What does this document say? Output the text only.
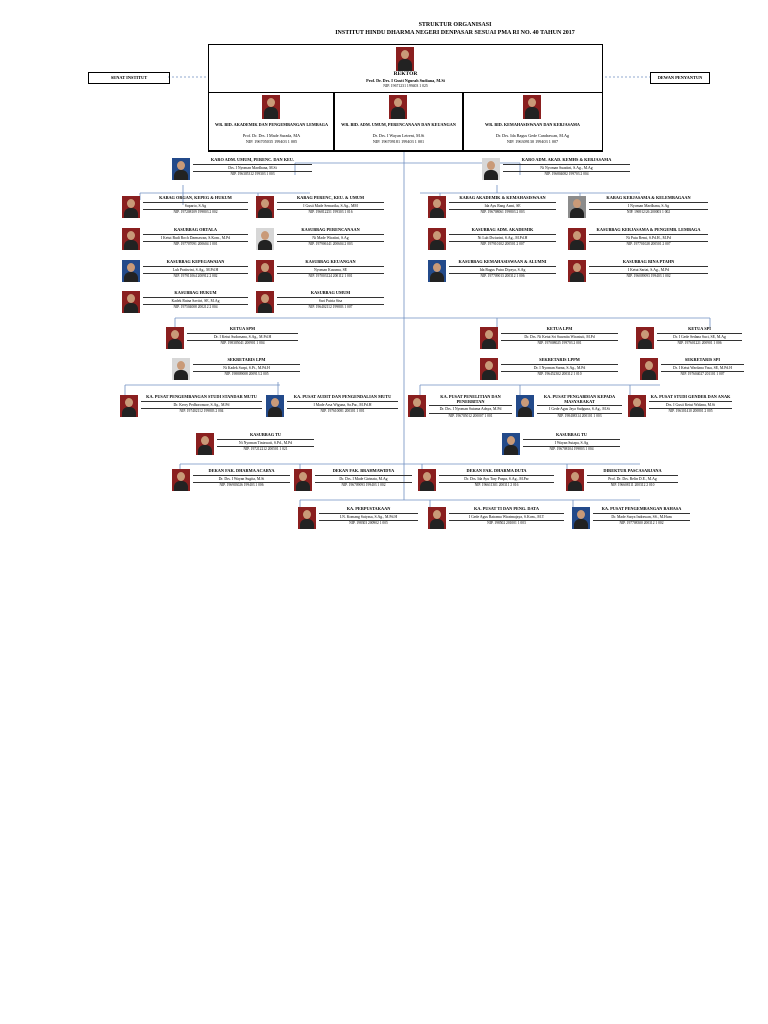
STRUKTUR ORGANISASI
INSTITUT HINDU DHARMA NEGERI DENPASAR SESUAI PMA RI NO. 40 TAHUN 2017
SENAT INSTITUT	DEWAN PENYANTUN
REKTOR
Prof. Dr. Drs. I Gusti Ngurah Sudiana, M.Si
NIP. 19671231 199403 1 025
WR. BID. AKADEMIK DAN PENGEMBANGAN LEMBAGA
Prof. Dr. Drs. I Made Surada, MA
NIP. 196705035 199403 1 005
WR. BID. ADM. UMUM, PERENCANAAN DAN KEUANGAN
Dr. Drs. I Wayan Letreni, M.Si
NIP. 196709181 199403 1 001
WR. BID. KEMAHASISWAAN DAN KERJASAMA
Dr. Drs. Ida Bagus Gede Candrawan, M.Ag
NIP. 196309130 199403 1 007
KARO ADM. UMUM, PERENC. DAN KEU.
Drs. I Nyoman Mardhana, M.Si
NIP. 196305312 199303 1 003
KARO ADM. AKAD. KEMHS & KERJASAMA
Ni Nyoman Suastini, S.Ag., M.Ag
NIP. 196804082 199703 2 004
KABAG ORGAN, KEPEG & HUKUM
Suparto, S.Ag
NIP. 197208109 199803 2 002
KABAG PERENC, KEU. & UMUM
I Gusti Made Semarika, S.Ag., MM
NIP. 196812251 199303 1 016
KABAG AKADEMIK & KEMAHASISWAAN
Ida Ayu Rang Asmi, SE
NIP. 196708061 199803 2 003
KABAG KERJASAMA & KELEMBAGAAN
I Nyoman Mardhana, S.Ag
NIP. 196912/26 200003 1 002
KASUBBAG ORTALA
I Ketut Budi Roch Darmawan, S.Kom., M.Pd
NIP. 197707091 200604 1 001
KASUBBAG PERENCANAAN
Ni Made Wiratini, S.Ag
NIP. 197906141 200604 2 003
KASUBBAG ADM. AKADEMIK
Ni Luh Dwiarini, S.Ag., M.Pd.H
NIP. 197910102 200501 2 007
KASUBBAG KERJASAMA & PENGEMB. LEMBAGA
Ni Putu Remi, S.Pd.H., M.Pd
NIP. 197701028 200501 2 007
KASUBBAG KEPEGAWAIAN
Luh Pratiwini, S.Ag., M.Pd.H
NIP. 197911064 200912 2 002
KASUBBAG KEUANGAN
Nyoman Kusuma, SE
NIP. 197003124 200112 1 001
KASUBBAG KEMAHASISWAAN & ALUMNI
Ida Bagus Putra Diyaya, S.Ag
NIP. 197709013 200312 1 006
KASUBBAG BINA PTAHN
I Ketut Sariat, S.Ag., M.Pd
NIP. 196009093 199403 1 002
KASUBBAG HUKUM
Kadek Ratna Savitri, SE, M.Ag
NIP. 197504008 200212 2 004
KASUBBAG UMUM
Sari Putria Sisa
NIP. 196402112 199803 1 007
KETUA SPM
Dr. I Ketut Sudarsana, S.Ag., M.Pd.H
NIP. 198305041 200901 1 004
KETUA LPM
Dr. Drs. Ni Ketut Sri Suarnita Wirastuti, M.Pd
NIP. 197008025 199703 2 001
KETUA SPI
Dr. I Gede Sedana Suci, SE, M.Ag
NIP. 197601221 200901 1 006
SEKRETARIS LPM
Ni Kadek Surpi, S.Pt., M.Pd.H
NIP. 198809008 200913 2 005
SEKRETARIS LPPM
Dr. I Nyoman Surna, S.Ag., M.Pd
NIP. 196452302 200312 1 010
SEKRETARIS SPI
Dr. I Ketut Wardana Yasa, SE, M.Pd.H
NIP. 197604027 201101 1 007
KA. PUSAT PENGEMBANGAN STUDI STANDAR MUTU
Dr. Kerry Pedhoronsoe, S.Ag., M.Pd
NIP. 197402112 199803 2 004
KA. PUSAT AUDIT DAN PENGENDALIAN MUTU
I Made Arsa Wiguna, Sa.Par., M.Pd.H
NIP. 197610081 200301 1 001
KA. PUSAT PENELITIAN DAN PENERBITAN
Dr. Drs. I Nyoman Sutama Adnya, M.Pd
NIP. 196705012 200007 1 001
KA. PUSAT PENGABDIAN KEPADA MASYARAKAT
I Gede Agus Jaya Sadguna, S.Ag., M.Si
NIP. 198408314 200101 1 003
KA. PUSAT STUDI GENDER DAN ANAK
Drs. I Gusti Ketut Widana, M.Si
NIP. 196301410 200801 2 005
KASUBBAG TU
Ni Nyoman Tiniawati, S.Pd., M.Pd
NIP. 197212212 200501 1 021
KASUBBAG TU
I Wayan Sutapa, S.Ag
NIP. 196708104 199803 1 004
DEKAN FAK. DHARMA ACARYA
Dr. Drs. I Wayan Sugita, M.Si
NIP. 196903026 199403 1 006
DEKAN FAK. BRAHMAWIDYA
Dr. Drs. I Made Girinata, M.Ag
NIP. 196709093 199403 1 002
DEKAN FAK. DHARMA DUTA
Dr. Drs. Ida Ayu Tary Puspa, S.Ag., M.Par
NIP. 196611301 200311 2 016
DIREKTUR PASCASARJANA
Prof. Dr. Drs. Relin D.E., M.Ag
NIP. 196608111 200312 2 010
KA. PERPUSTAKAAN
I.N. Komang Sutyasa, S.Ag., M.Pd.H
NIP. 198303 200902 1 005
KA. PUSAT TI DAN PENG. DATA
I Gede Agus Ratrama Wiratmajaya, S.Kom., M.T
NIP. 198502 201001 1 003
KA. PUSAT PENGEMBANGAN BAHASA
Dr. Made Surya Indrawan, SS., M.Hum
NIP. 197708300 200312 1 002
